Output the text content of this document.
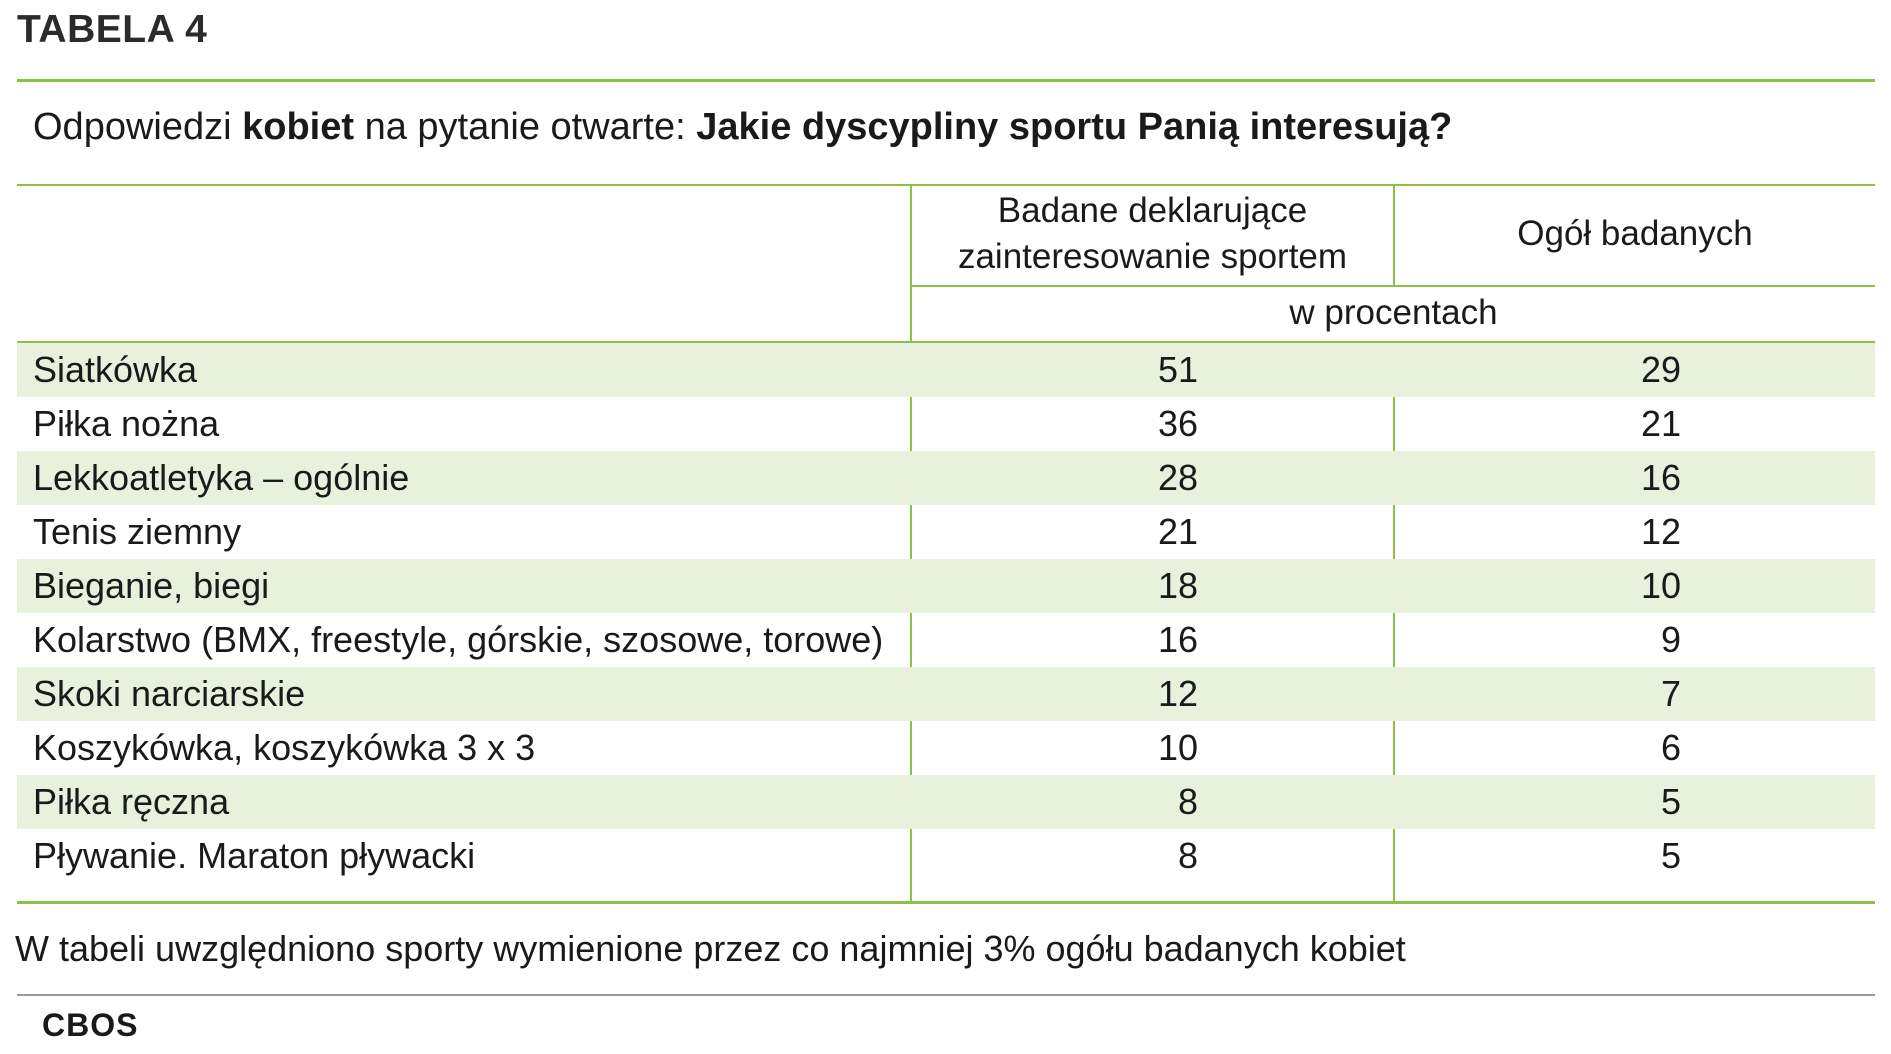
TABELA 4
Odpowiedzi kobiet na pytanie otwarte: Jakie dyscypliny sportu Panią interesują?
Badane deklarujące
zainteresowanie sportem
Ogół badanych
w procentach
Siatkówka	51	29
Piłka nożna	36	21
Lekkoatletyka – ogólnie	28	16
Tenis ziemny	21	12
Bieganie, biegi	18	10
Kolarstwo (BMX, freestyle, górskie, szosowe, torowe)	16	9
Skoki narciarskie	12	7
Koszykówka, koszykówka 3 x 3	10	6
Piłka ręczna	8	5
Pływanie. Maraton pływacki	8	5
W tabeli uwzględniono sporty wymienione przez co najmniej 3% ogółu badanych kobiet
CBOS
